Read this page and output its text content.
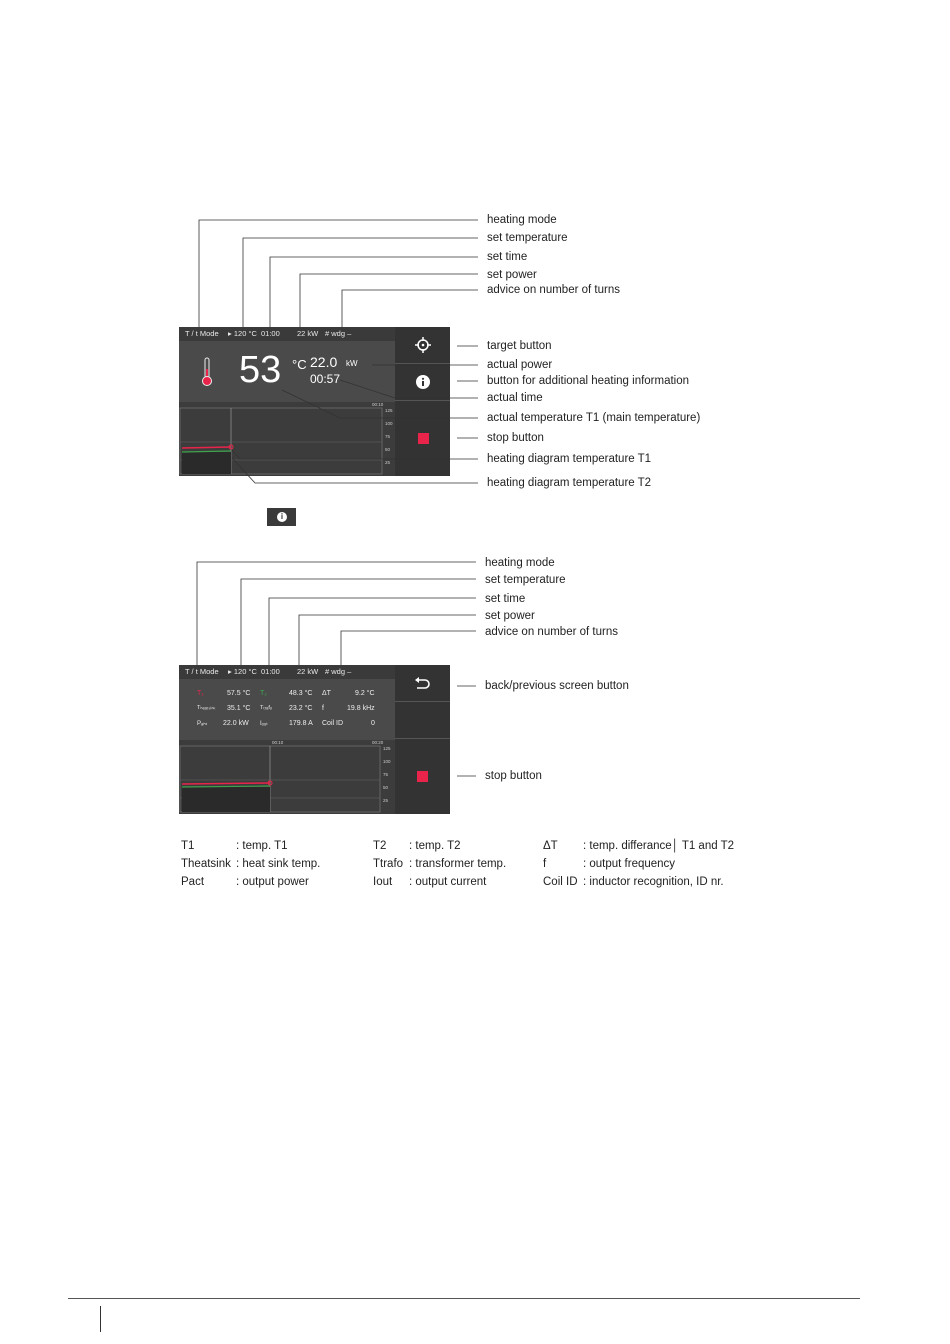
T / t Mode ▸ 120 °C 01:00 22 kW # wdg –
53 °C 22.0 kW
00:57
00:10
125
100
75
50
25
heating mode
set temperature
set time
set power
advice on number of turns
target button
actual power
button for additional heating information
actual time
actual temperature T1 (main temperature)
stop button
heating diagram temperature T1
heating diagram temperature T2
i
T / t Mode ▸ 120 °C 01:00 22 kW # wdg –
T₁	57.5 °C T₂	48.3 °C ΔT	9.2 °C
Tₕₑₐₜₛᵢₙₖ 35.1 °C Tₜᵣₐfₒ 23.2 °C f	19.8 kHz
Pₐₕₜ 22.0 kW Iₒᵤₜ	179.8 A Coil ID	0
00:10	00:20
125
100
75
50
25
heating mode
set temperature
set time
set power
advice on number of turns
back/previous screen button
stop button
T1	: temp. T1	T2 : temp. T2	ΔT : temp. differance│ T1 and T2
Theatsink : heat sink temp.	Ttrafo : transformer temp.	f	: output frequency
Pact	: output power	Iout : output current	Coil ID : inductor recognition, ID nr.
